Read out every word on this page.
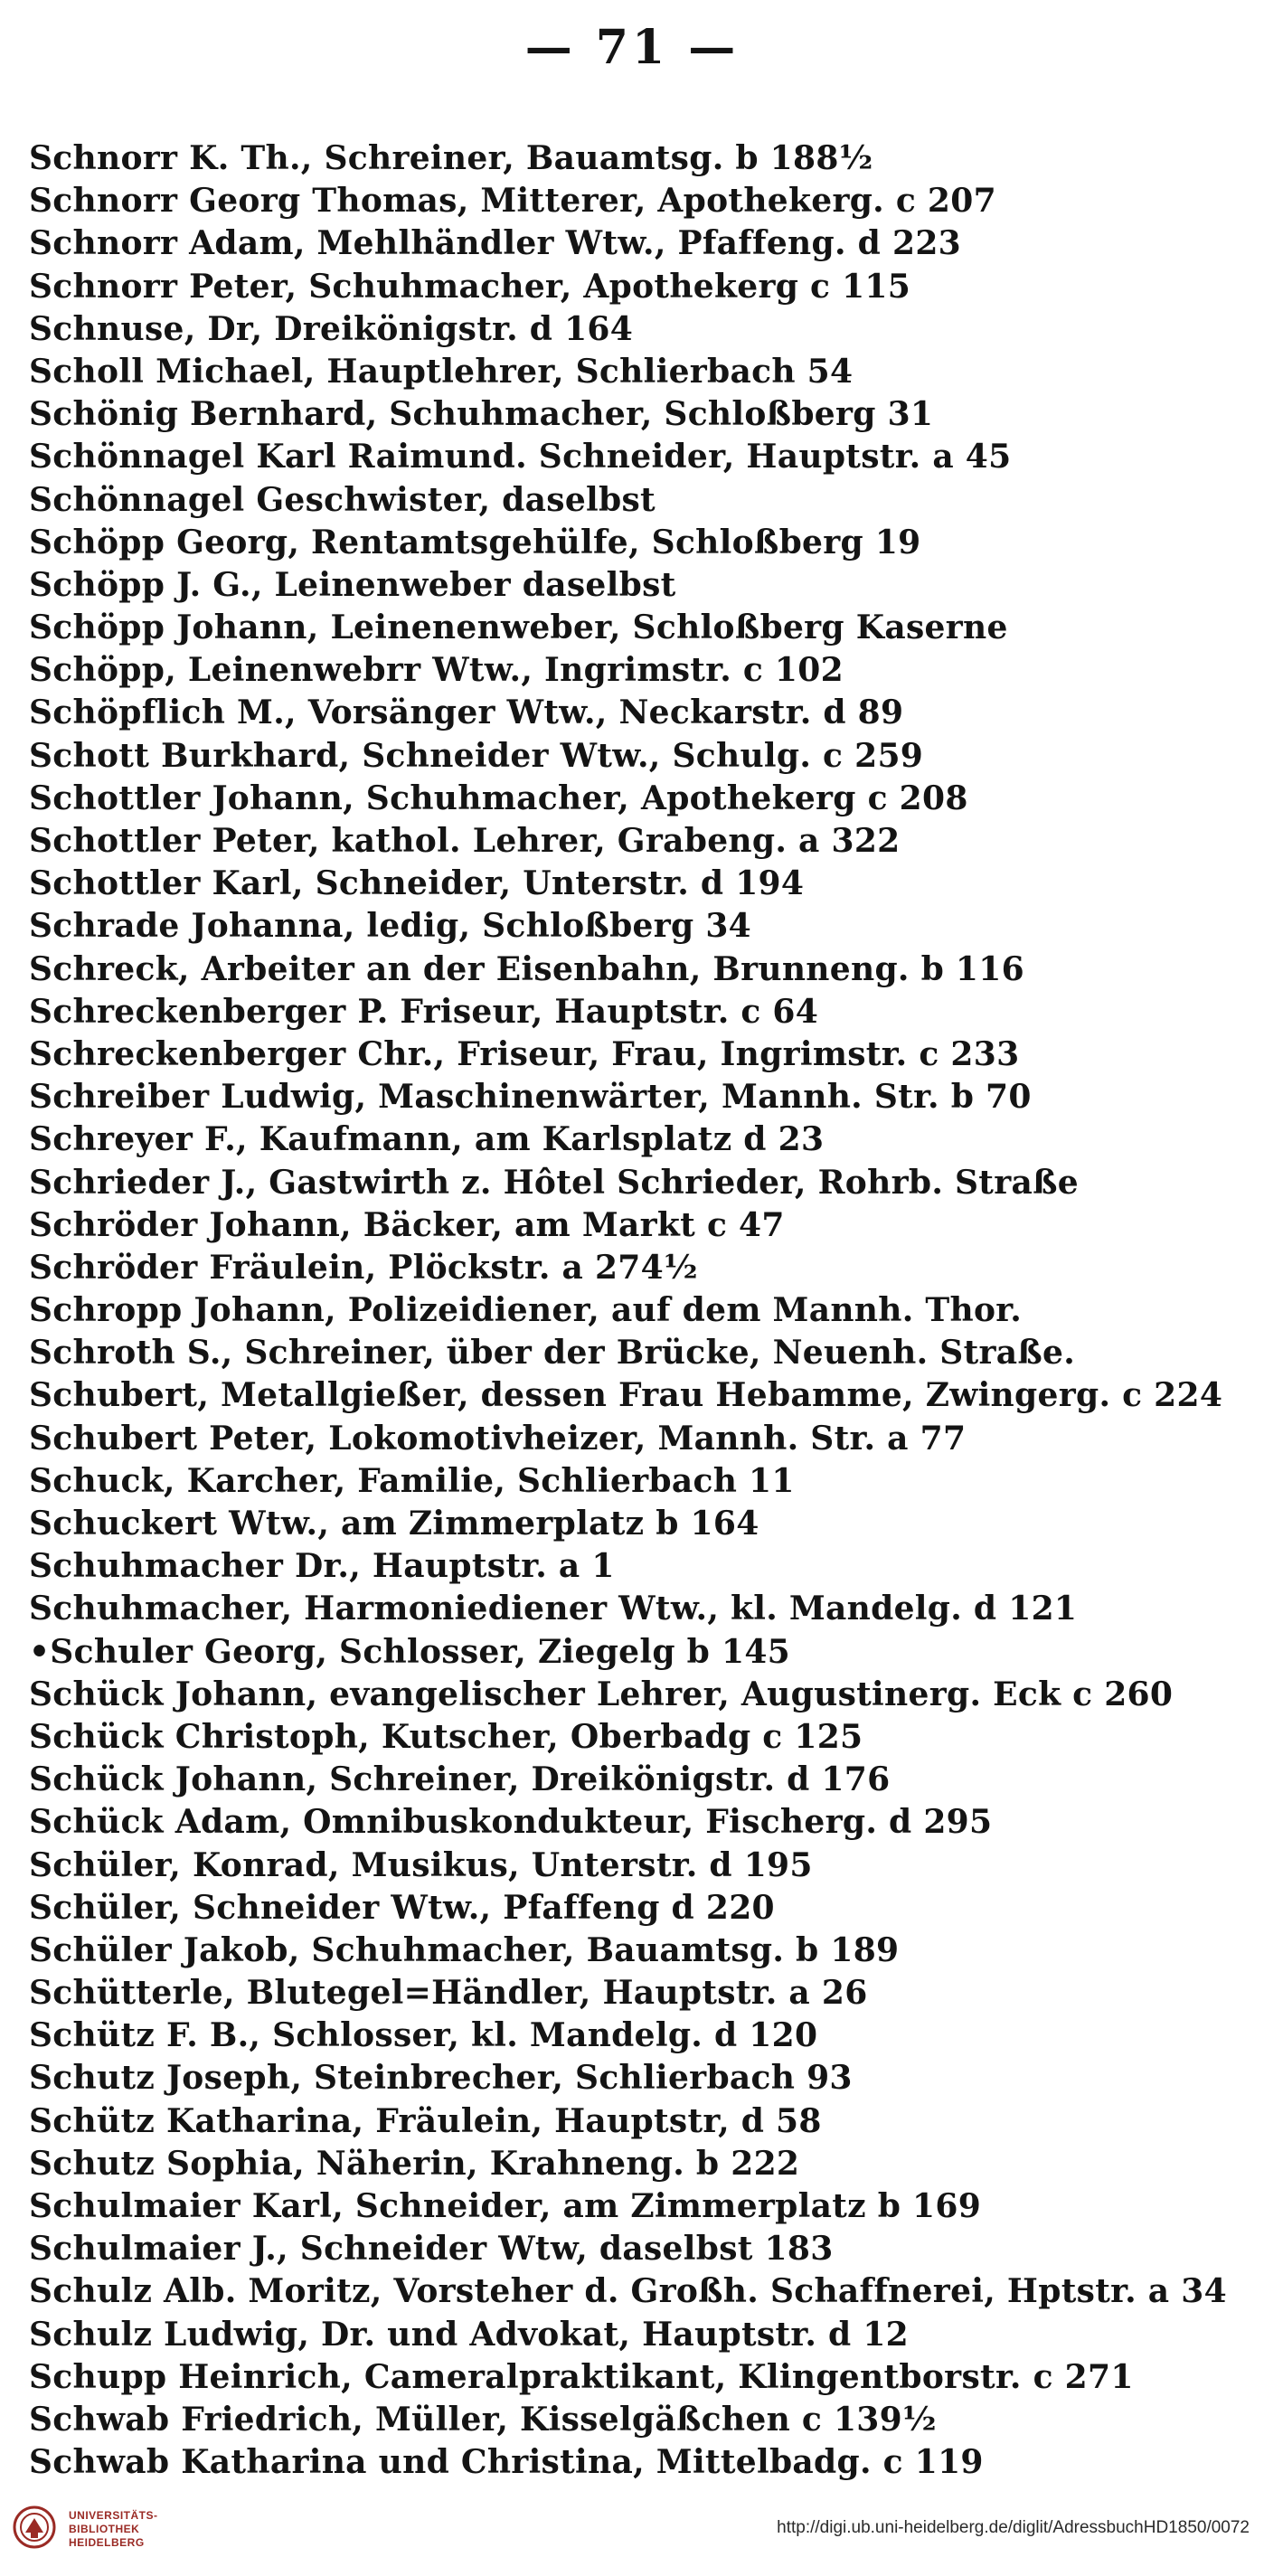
— 71 —
Schnorr K. Th., Schreiner, Bauamtsg. b 188½
Schnorr Georg Thomas, Mitterer, Apothekerg. c 207
Schnorr Adam, Mehlhändler Wtw., Pfaffeng. d 223
Schnorr Peter, Schuhmacher, Apothekerg c 115
Schnuse, Dr, Dreikönigstr. d 164
Scholl Michael, Hauptlehrer, Schlierbach 54
Schönig Bernhard, Schuhmacher, Schloßberg 31
Schönnagel Karl Raimund. Schneider, Hauptstr. a 45
Schönnagel Geschwister, daselbst
Schöpp Georg, Rentamtsgehülfe, Schloßberg 19
Schöpp J. G., Leinenweber daselbst
Schöpp Johann, Leinenenweber, Schloßberg Kaserne
Schöpp, Leinenwebrr Wtw., Ingrimstr. c 102
Schöpflich M., Vorsänger Wtw., Neckarstr. d 89
Schott Burkhard, Schneider Wtw., Schulg. c 259
Schottler Johann, Schuhmacher, Apothekerg c 208
Schottler Peter, kathol. Lehrer, Grabeng. a 322
Schottler Karl, Schneider, Unterstr. d 194
Schrade Johanna, ledig, Schloßberg 34
Schreck, Arbeiter an der Eisenbahn, Brunneng. b 116
Schreckenberger P. Friseur, Hauptstr. c 64
Schreckenberger Chr., Friseur, Frau, Ingrimstr. c 233
Schreiber Ludwig, Maschinenwärter, Mannh. Str. b 70
Schreyer F., Kaufmann, am Karlsplatz d 23
Schrieder J., Gastwirth z. Hôtel Schrieder, Rohrb. Straße
Schröder Johann, Bäcker, am Markt c 47
Schröder Fräulein, Plöckstr. a 274½
Schropp Johann, Polizeidiener, auf dem Mannh. Thor.
Schroth S., Schreiner, über der Brücke, Neuenh. Straße.
Schubert, Metallgießer, dessen Frau Hebamme, Zwingerg. c 224
Schubert Peter, Lokomotivheizer, Mannh. Str. a 77
Schuck, Karcher, Familie, Schlierbach 11
Schuckert Wtw., am Zimmerplatz b 164
Schuhmacher Dr., Hauptstr. a 1
Schuhmacher, Harmoniediener Wtw., kl. Mandelg. d 121
•Schuler Georg, Schlosser, Ziegelg b 145
Schück Johann, evangelischer Lehrer, Augustinerg. Eck c 260
Schück Christoph, Kutscher, Oberbadg c 125
Schück Johann, Schreiner, Dreikönigstr. d 176
Schück Adam, Omnibuskondukteur, Fischerg. d 295
Schüler, Konrad, Musikus, Unterstr. d 195
Schüler, Schneider Wtw., Pfaffeng d 220
Schüler Jakob, Schuhmacher, Bauamtsg. b 189
Schütterle, Blutegel=Händler, Hauptstr. a 26
Schütz F. B., Schlosser, kl. Mandelg. d 120
Schutz Joseph, Steinbrecher, Schlierbach 93
Schütz Katharina, Fräulein, Hauptstr, d 58
Schutz Sophia, Näherin, Krahneng. b 222
Schulmaier Karl, Schneider, am Zimmerplatz b 169
Schulmaier J., Schneider Wtw, daselbst 183
Schulz Alb. Moritz, Vorsteher d. Großh. Schaffnerei, Hptstr. a 34
Schulz Ludwig, Dr. und Advokat, Hauptstr. d 12
Schupp Heinrich, Cameralpraktikant, Klingentborstr. c 271
Schwab Friedrich, Müller, Kisselgäßchen c 139½
Schwab Katharina und Christina, Mittelbadg. c 119
UNIVERSITÄTS-
BIBLIOTHEK
HEIDELBERG
http://digi.ub.uni-heidelberg.de/diglit/AdressbuchHD1850/0072
